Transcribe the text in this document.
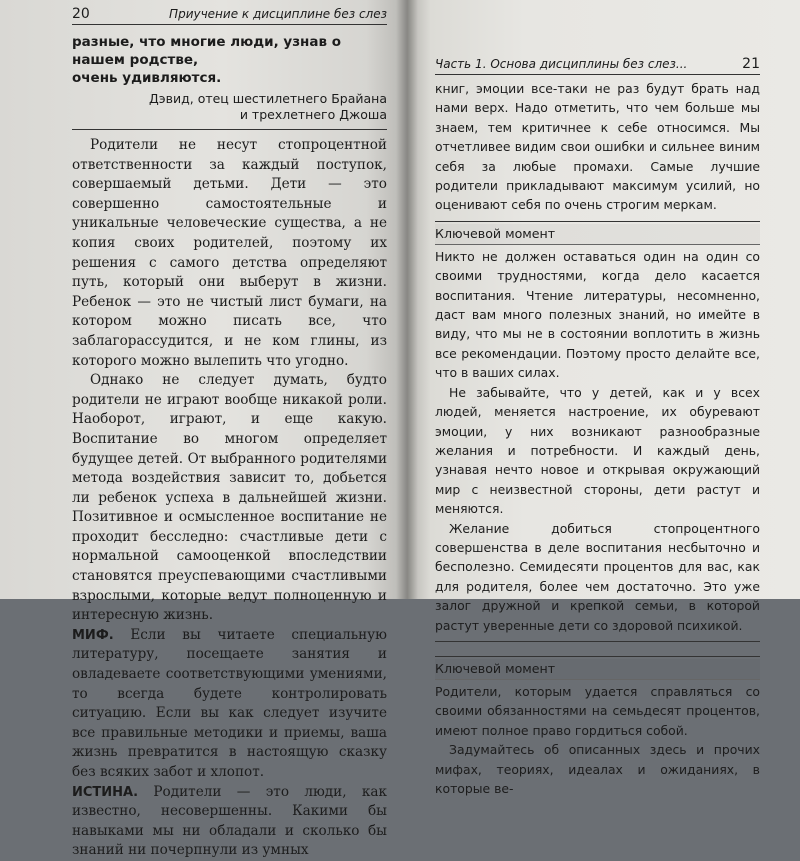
20	Приучение к дисциплине без слез
разные, что многие люди, узнав о нашем родстве,
очень удивляются.
Дэвид, отец шестилетнего Брайана
и трехлетнего Джоша

Родители не несут стопроцентной ответственности за каждый поступок, совершаемый детьми. Дети — это совершенно самостоятельные и уникальные человеческие существа, а не копия своих родителей, поэтому их решения с самого детства определяют путь, который они выберут в жизни. Ребенок — это не чистый лист бумаги, на котором можно писать все, что заблагорассудится, и не ком глины, из которого можно вылепить что угодно.

Однако не следует думать, будто родители не играют вообще никакой роли. Наоборот, играют, и еще какую. Воспитание во многом определяет будущее детей. От выбранного родителями метода воздействия зависит то, добьется ли ребенок успеха в дальнейшей жизни. Позитивное и осмысленное воспитание не проходит бесследно: счастливые дети с нормальной самооценкой впоследствии становятся преуспевающими счастливыми взрослыми, которые ведут полноценную и интересную жизнь.

МИФ. Если вы читаете специальную литературу, посещаете занятия и овладеваете соответствующими умениями, то всегда будете контролировать ситуацию. Если вы как следует изучите все правильные методики и приемы, ваша жизнь превратится в настоящую сказку без всяких забот и хлопот.

ИСТИНА. Родители — это люди, как известно, несовершенны. Какими бы навыками мы ни обладали и сколько бы знаний ни почерпнули из умных

Часть 1. Основа дисциплины без слез...	21

книг, эмоции все-таки не раз будут брать над нами верх. Надо отметить, что чем больше мы знаем, тем критичнее к себе относимся. Мы отчетливее видим свои ошибки и сильнее виним себя за любые промахи. Самые лучшие родители прикладывают максимум усилий, но оценивают себя по очень строгим меркам.

Ключевой момент

Никто не должен оставаться один на один со своими трудностями, когда дело касается воспитания. Чтение литературы, несомненно, даст вам много полезных знаний, но имейте в виду, что мы не в состоянии воплотить в жизнь все рекомендации. Поэтому просто делайте все, что в ваших силах.

Не забывайте, что у детей, как и у всех людей, меняется настроение, их обуревают эмоции, у них возникают разнообразные желания и потребности. И каждый день, узнавая нечто новое и открывая окружающий мир с неизвестной стороны, дети растут и меняются.

Желание добиться стопроцентного совершенства в деле воспитания несбыточно и бесполезно. Семидесяти процентов для вас, как для родителя, более чем достаточно. Это уже залог дружной и крепкой семьи, в которой растут уверенные дети со здоровой психикой.

Ключевой момент

Родители, которым удается справляться со своими обязанностями на семьдесят процентов, имеют полное право гордиться собой.

Задумайтесь об описанных здесь и прочих мифах, теориях, идеалах и ожиданиях, в которые ве-
